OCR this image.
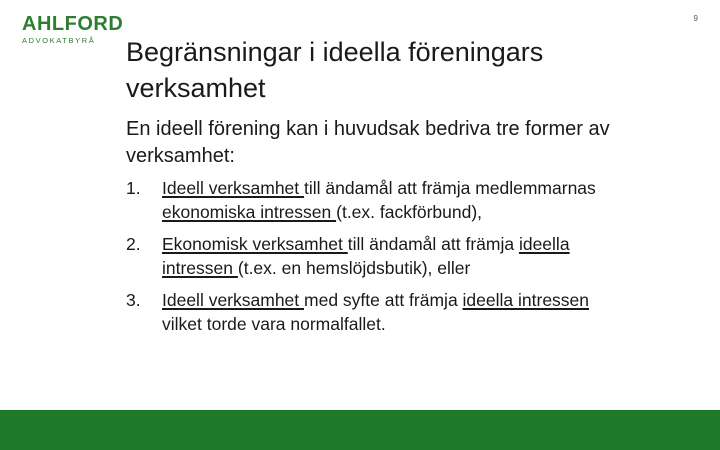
AHLFORD
ADVOKATBYRÅ
9
Begränsningar i ideella föreningars verksamhet

En ideell förening kan i huvudsak bedriva tre former av verksamhet:

1. Ideell verksamhet till ändamål att främja medlemmarnas ekonomiska intressen (t.ex. fackförbund),
2. Ekonomisk verksamhet till ändamål att främja ideella intressen (t.ex. en hemslöjdsbutik), eller
3. Ideell verksamhet med syfte att främja ideella intressen vilket torde vara normalfallet.
